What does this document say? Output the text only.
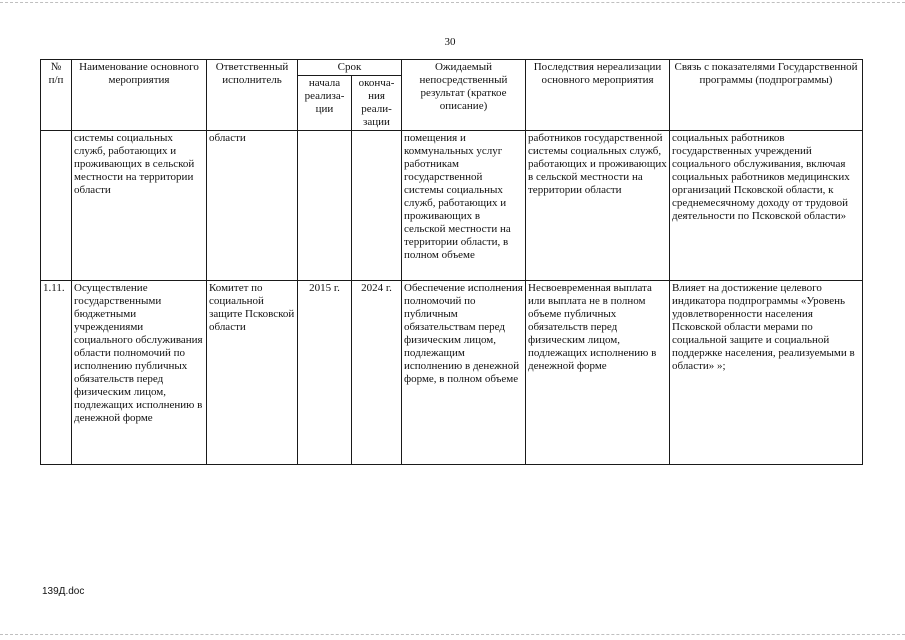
30
№
п/п	Наименование основного мероприятия	Ответственный исполнитель	Срок		Ожидаемый непосредственный результат (краткое описание)	Последствия нереализации основного мероприятия	Связь с показателями Государственной программы (подпрограммы)
			начала реализа-ции	оконча-ния реали-зации			
	системы социальных служб, работающих и проживающих в сельской местности на территории области	области			помещения и коммунальных услуг работникам государственной системы социальных служб, работающих и проживающих в сельской местности на территории области, в полном объеме	работников государственной системы социальных служб, работающих и проживающих в сельской местности на территории области	социальных работников государственных учреждений социального обслуживания, включая социальных работников медицинских организаций Псковской области, к среднемесячному доходу от трудовой деятельности по Псковской области»
1.11.	Осуществление государственными бюджетными учреждениями социального обслуживания области полномочий по исполнению публичных обязательств перед физическим лицом, подлежащих исполнению в денежной форме	Комитет по социальной защите Псковской области	2015 г.	2024 г.	Обеспечение исполнения полномочий по публичным обязательствам перед физическим лицом, подлежащим исполнению в денежной форме, в полном объеме	Несвоевременная выплата или выплата не в полном объеме публичных обязательств перед физическим лицом, подлежащих исполнению в денежной форме	Влияет на достижение целевого индикатора подпрограммы «Уровень удовлетворенности населения Псковской области мерами по социальной защите и социальной поддержке населения, реализуемыми в области» »;
139Д.doc
